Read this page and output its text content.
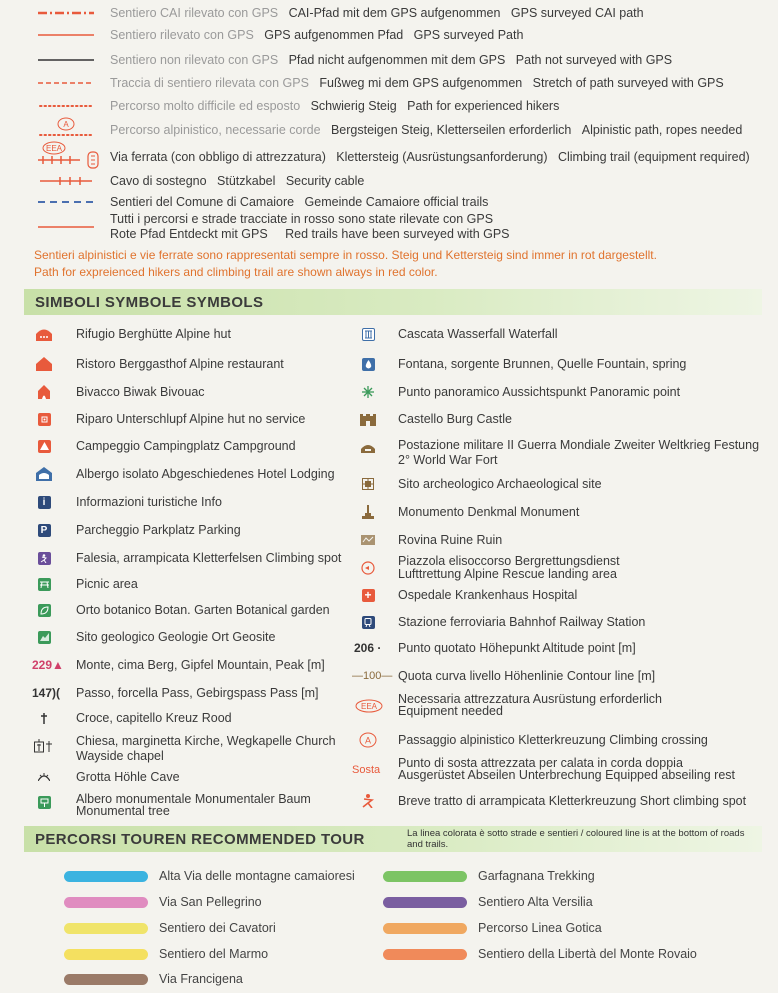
Sentiero CAI rilevato con GPS CAI-Pfad mit dem GPS aufgenommen GPS surveyed CAI path
Sentiero rilevato con GPS GPS aufgenommen Pfad GPS surveyed Path
Sentiero non rilevato con GPS Pfad nicht aufgenommen mit dem GPS Path not surveyed with GPS
Traccia di sentiero rilevata con GPS Fußweg mi dem GPS aufgenommen Stretch of path surveyed with GPS
Percorso molto difficile ed esposto Schwierig Steig Path for experienced hikers
A	Percorso alpinistico, necessarie corde Bergsteigen Steig, Kletterseilen erforderlich Alpinistic path, ropes needed
EEA
Via ferrata (con obbligo di attrezzatura) Klettersteig (Ausrüstungsanforderung) Climbing trail (equipment required)
Cavo di sostegno Stützkabel Security cable
Sentieri del Comune di Camaiore Gemeinde Camaiore official trails
Tutti i percorsi e strade tracciate in rosso sono state rilevate con GPS
Rote Pfad Entdeckt mit GPS Red trails have been surveyed with GPS
Sentieri alpinistici e vie ferrate sono rappresentati sempre in rosso. Steig und Kettersteig sind immer in rot dargestellt.
Path for expreienced hikers and climbing trail are shown always in red color.
SIMBOLI SYMBOLE SYMBOLS
Rifugio Berghütte Alpine hut
Ristoro Berggasthof Alpine restaurant
Bivacco Biwak Bivouac
Riparo Unterschlupf Alpine hut no service
Campeggio Campingplatz Campground
Albergo isolato Abgeschiedenes Hotel Lodging
i	Informazioni turistiche Info
P Parcheggio Parkplatz Parking
Falesia, arrampicata Kletterfelsen Climbing spot
Picnic area
Orto botanico Botan. Garten Botanical garden
Sito geologico Geologie Ort Geosite
229▲ Monte, cima Berg, Gipfel Mountain, Peak [m]
147)(	Passo, forcella Pass, Gebirgspass Pass [m]
Croce, capitello Kreuz Rood
Chiesa, marginetta Kirche, Wegkapelle Church
Wayside chapel
Grotta Höhle Cave
Albero monumentale Monumentaler Baum
Monumental tree
Cascata Wasserfall Waterfall
Fontana, sorgente Brunnen, Quelle Fountain, spring
Punto panoramico Aussichtspunkt Panoramic point
Castello Burg Castle
Postazione militare II Guerra Mondiale Zweiter Weltkrieg Festung
2° World War Fort
Sito archeologico Archaeological site
Monumento Denkmal Monument
Rovina Ruine Ruin
Piazzola elisoccorso Bergrettungsdienst
Lufttrettung Alpine Rescue landing area
+ Ospedale Krankenhaus Hospital
Stazione ferroviaria Bahnhof Railway Station
206 ·	Punto quotato Höhepunkt Altitude point [m]
—100— Quota curva livello Höhenlinie Contour line [m]
EEA
Necessaria attrezzatura Ausrüstung erforderlich
Equipment needed
A Passaggio alpinistico Kletterkreuzung Climbing crossing
Sosta	Punto di sosta attrezzata per calata in corda doppia
Ausgerüstet Abseilen Unterbrechung Equipped abseiling rest
Breve tratto di arrampicata Kletterkreuzung Short climbing spot
PERCORSI TOUREN RECOMMENDED TOUR	La linea colorata è sotto strade e sentieri / coloured line is at the bottom of roads and trails.
Alta Via delle montagne camaioresi
Via San Pellegrino
Sentiero dei Cavatori
Sentiero del Marmo
Via Francigena
Garfagnana Trekking
Sentiero Alta Versilia
Percorso Linea Gotica
Sentiero della Libertà del Monte Rovaio
